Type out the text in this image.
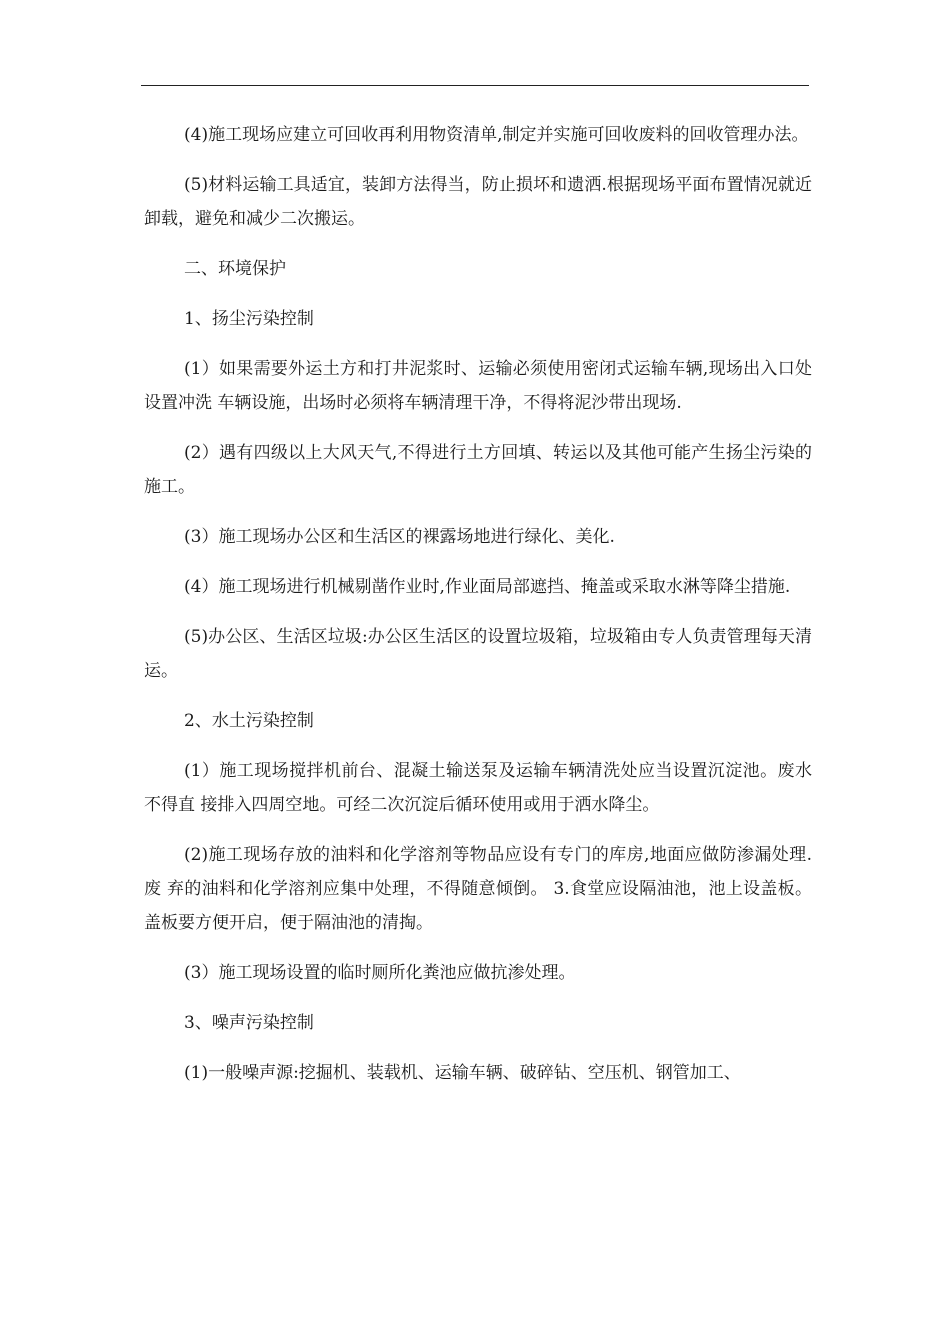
(4)施工现场应建立可回收再利用物资清单,制定并实施可回收废料的回收管理办法。

(5)材料运输工具适宜，装卸方法得当，防止损坏和遗洒.根据现场平面布置情况就近卸载，避免和减少二次搬运。

二、环境保护

1、扬尘污染控制

(1）如果需要外运土方和打井泥浆时、运输必须使用密闭式运输车辆,现场出入口处设置冲洗 车辆设施，出场时必须将车辆清理干净，不得将泥沙带出现场.

(2）遇有四级以上大风天气,不得进行土方回填、转运以及其他可能产生扬尘污染的施工。

(3）施工现场办公区和生活区的裸露场地进行绿化、美化.

(4）施工现场进行机械剔凿作业时,作业面局部遮挡、掩盖或采取水淋等降尘措施.

(5)办公区、生活区垃圾:办公区生活区的设置垃圾箱，垃圾箱由专人负责管理每天清运。

2、水土污染控制

(1）施工现场搅拌机前台、混凝土输送泵及运输车辆清洗处应当设置沉淀池。废水不得直 接排入四周空地。可经二次沉淀后循环使用或用于洒水降尘。

(2)施工现场存放的油料和化学溶剂等物品应设有专门的库房,地面应做防渗漏处理.废 弃的油料和化学溶剂应集中处理，不得随意倾倒。 3.食堂应设隔油池，池上设盖板。盖板要方便开启，便于隔油池的清掏。

(3）施工现场设置的临时厕所化粪池应做抗渗处理。

3、噪声污染控制

(1)一般噪声源:挖掘机、装载机、运输车辆、破碎钻、空压机、钢管加工、
